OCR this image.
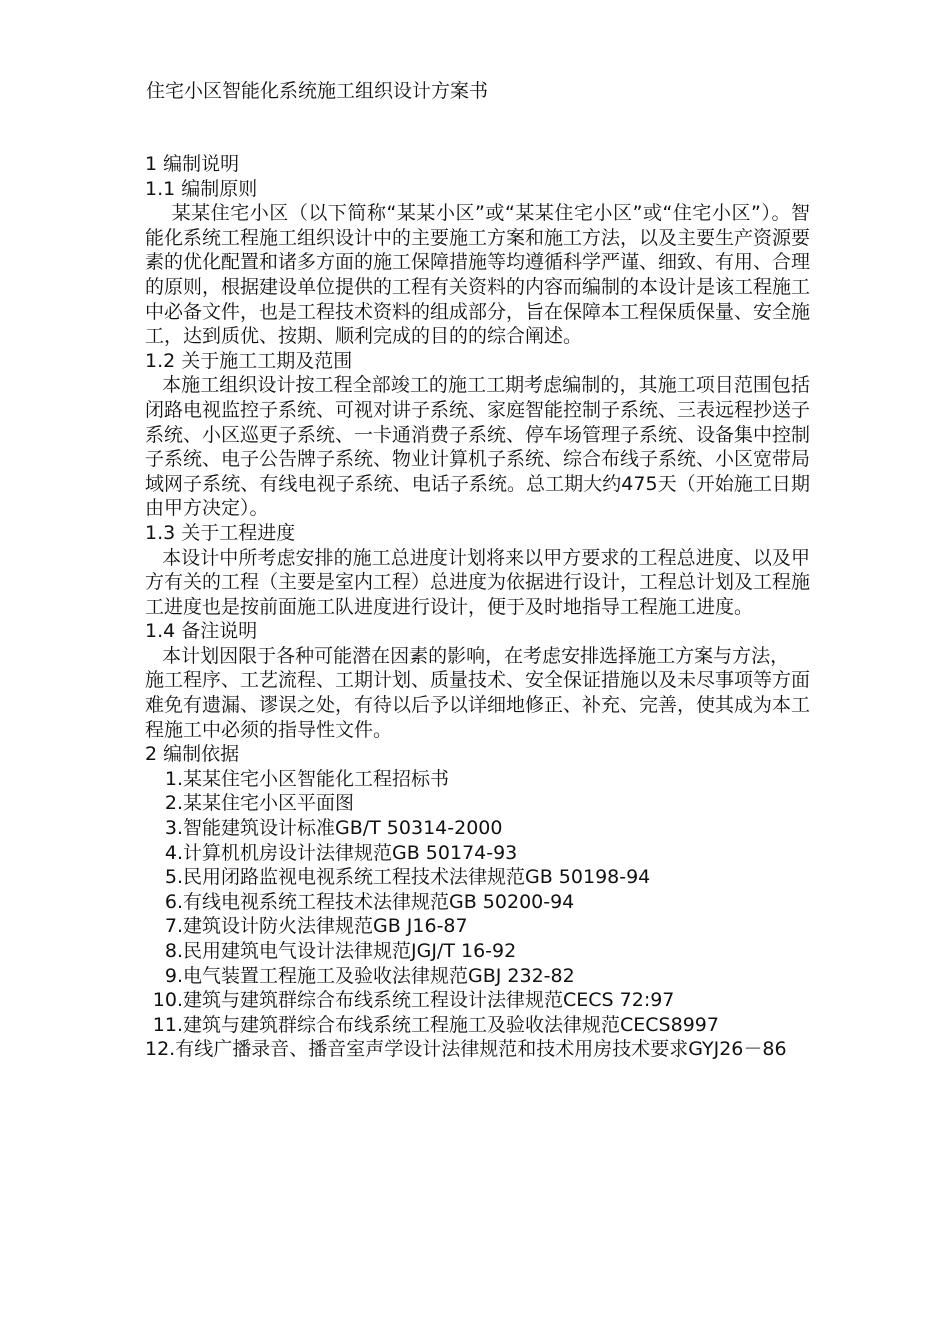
住宅小区智能化系统施工组织设计方案书

1 编制说明

1.1 编制原则

某某住宅小区（以下简称“某某小区”或“某某住宅小区”或“住宅小区”）。智能化系统工程施工组织设计中的主要施工方案和施工方法，以及主要生产资源要素的优化配置和诸多方面的施工保障措施等均遵循科学严谨、细致、有用、合理的原则，根据建设单位提供的工程有关资料的内容而编制的本设计是该工程施工中必备文件，也是工程技术资料的组成部分，旨在保障本工程保质保量、安全施工，达到质优、按期、顺利完成的目的的综合阐述。

1.2 关于施工工期及范围

本施工组织设计按工程全部竣工的施工工期考虑编制的，其施工项目范围包括闭路电视监控子系统、可视对讲子系统、家庭智能控制子系统、三表远程抄送子系统、小区巡更子系统、一卡通消费子系统、停车场管理子系统、设备集中控制子系统、电子公告牌子系统、物业计算机子系统、综合布线子系统、小区宽带局域网子系统、有线电视子系统、电话子系统。总工期大约475天（开始施工日期由甲方决定）。

1.3 关于工程进度

本设计中所考虑安排的施工总进度计划将来以甲方要求的工程总进度、以及甲方有关的工程（主要是室内工程）总进度为依据进行设计，工程总计划及工程施工进度也是按前面施工队进度进行设计，便于及时地指导工程施工进度。

1.4 备注说明

本计划因限于各种可能潜在因素的影响，在考虑安排选择施工方案与方法，

施工程序、工艺流程、工期计划、质量技术、安全保证措施以及未尽事项等方面

难免有遗漏、谬误之处，有待以后予以详细地修正、补充、完善，使其成为本工

程施工中必须的指导性文件。

2 编制依据

1.某某住宅小区智能化工程招标书

2.某某住宅小区平面图

3.智能建筑设计标准GB/T 50314-2000

4.计算机机房设计法律规范GB 50174-93

5.民用闭路监视电视系统工程技术法律规范GB 50198-94

6.有线电视系统工程技术法律规范GB 50200-94

7.建筑设计防火法律规范GB J16-87

8.民用建筑电气设计法律规范JGJ/T 16-92

9.电气装置工程施工及验收法律规范GBJ 232-82

10.建筑与建筑群综合布线系统工程设计法律规范CECS 72:97

11.建筑与建筑群综合布线系统工程施工及验收法律规范CECS8997

12.有线广播录音、播音室声学设计法律规范和技术用房技术要求GYJ26－86
